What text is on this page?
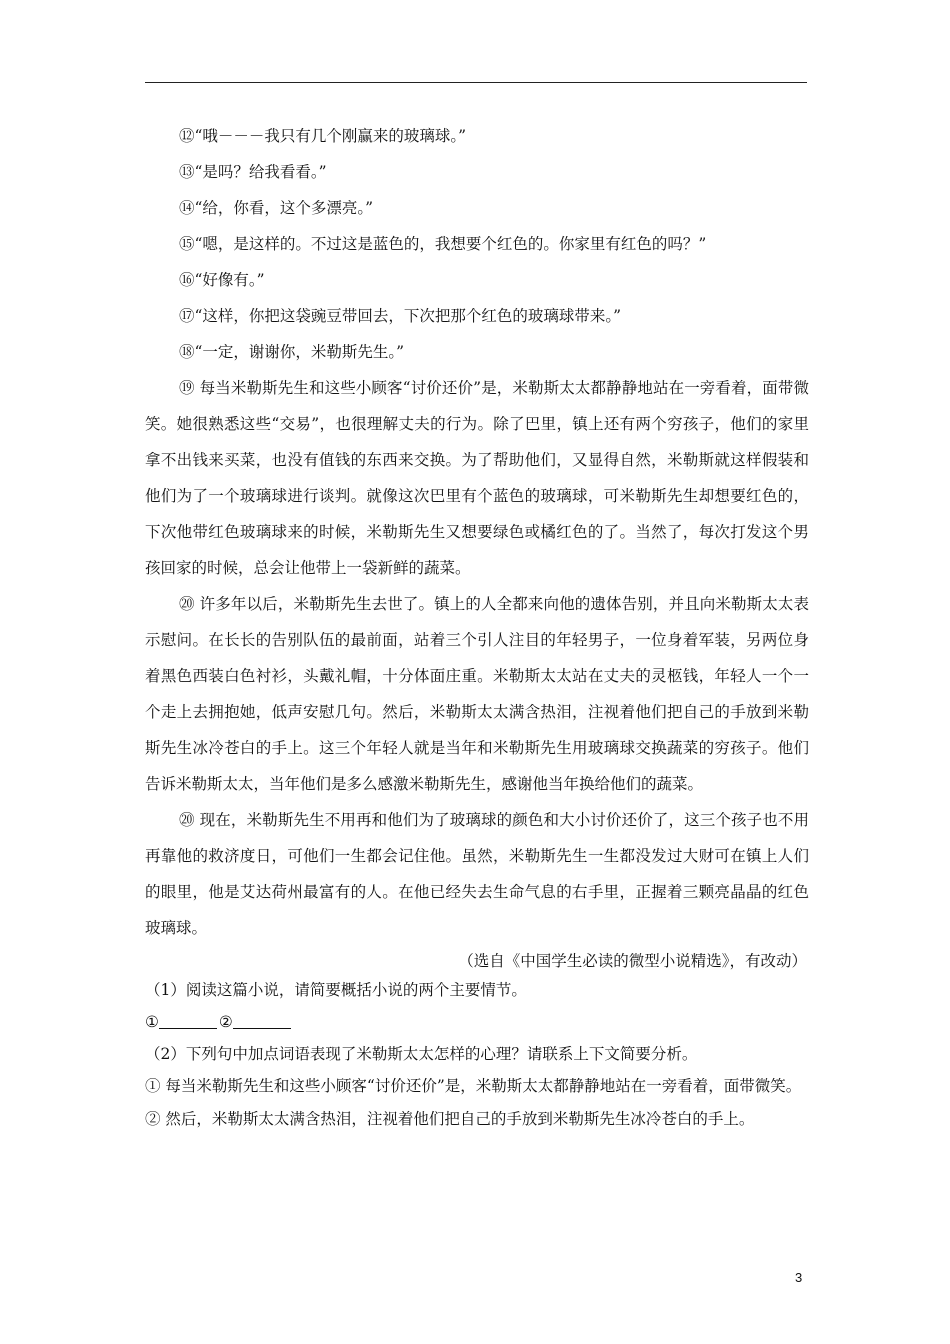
⑫“哦－－－我只有几个刚赢来的玻璃球。”
⑬“是吗？给我看看。”
⑭“给，你看，这个多漂亮。”
⑮“嗯，是这样的。不过这是蓝色的，我想要个红色的。你家里有红色的吗？”
⑯“好像有。”
⑰“这样，你把这袋豌豆带回去，下次把那个红色的玻璃球带来。”
⑱“一定，谢谢你，米勒斯先生。”

⑲ 每当米勒斯先生和这些小顾客“讨价还价”是，米勒斯太太都静静地站在一旁看着，面带微笑。她很熟悉这些“交易”，也很理解丈夫的行为。除了巴里，镇上还有两个穷孩子，他们的家里拿不出钱来买菜，也没有值钱的东西来交换。为了帮助他们，又显得自然，米勒斯就这样假装和他们为了一个玻璃球进行谈判。就像这次巴里有个蓝色的玻璃球，可米勒斯先生却想要红色的，下次他带红色玻璃球来的时候，米勒斯先生又想要绿色或橘红色的了。当然了，每次打发这个男孩回家的时候，总会让他带上一袋新鲜的蔬菜。

⑳ 许多年以后，米勒斯先生去世了。镇上的人全都来向他的遗体告别，并且向米勒斯太太表示慰问。在长长的告别队伍的最前面，站着三个引人注目的年轻男子，一位身着军装，另两位身着黑色西装白色衬衫，头戴礼帽，十分体面庄重。米勒斯太太站在丈夫的灵柩钱，年轻人一个一个走上去拥抱她，低声安慰几句。然后，米勒斯太太满含热泪，注视着他们把自己的手放到米勒斯先生冰冷苍白的手上。这三个年轻人就是当年和米勒斯先生用玻璃球交换蔬菜的穷孩子。他们告诉米勒斯太太，当年他们是多么感激米勒斯先生，感谢他当年换给他们的蔬菜。

⑳ 现在，米勒斯先生不用再和他们为了玻璃球的颜色和大小讨价还价了，这三个孩子也不用再靠他的救济度日，可他们一生都会记住他。虽然，米勒斯先生一生都没发过大财可在镇上人们的眼里，他是艾达荷州最富有的人。在他已经失去生命气息的右手里，正握着三颗亮晶晶的红色玻璃球。

（选自《中国学生必读的微型小说精选》，有改动）
（1）阅读这篇小说，请简要概括小说的两个主要情节。
①	②
（2）下列句中加点词语表现了米勒斯太太怎样的心理？请联系上下文简要分析。

① 每当米勒斯先生和这些小顾客“讨价还价”是，米勒斯太太都静静地站在一旁看着，面带微笑。

② 然后，米勒斯太太满含热泪，注视着他们把自己的手放到米勒斯先生冰冷苍白的手上。

3
